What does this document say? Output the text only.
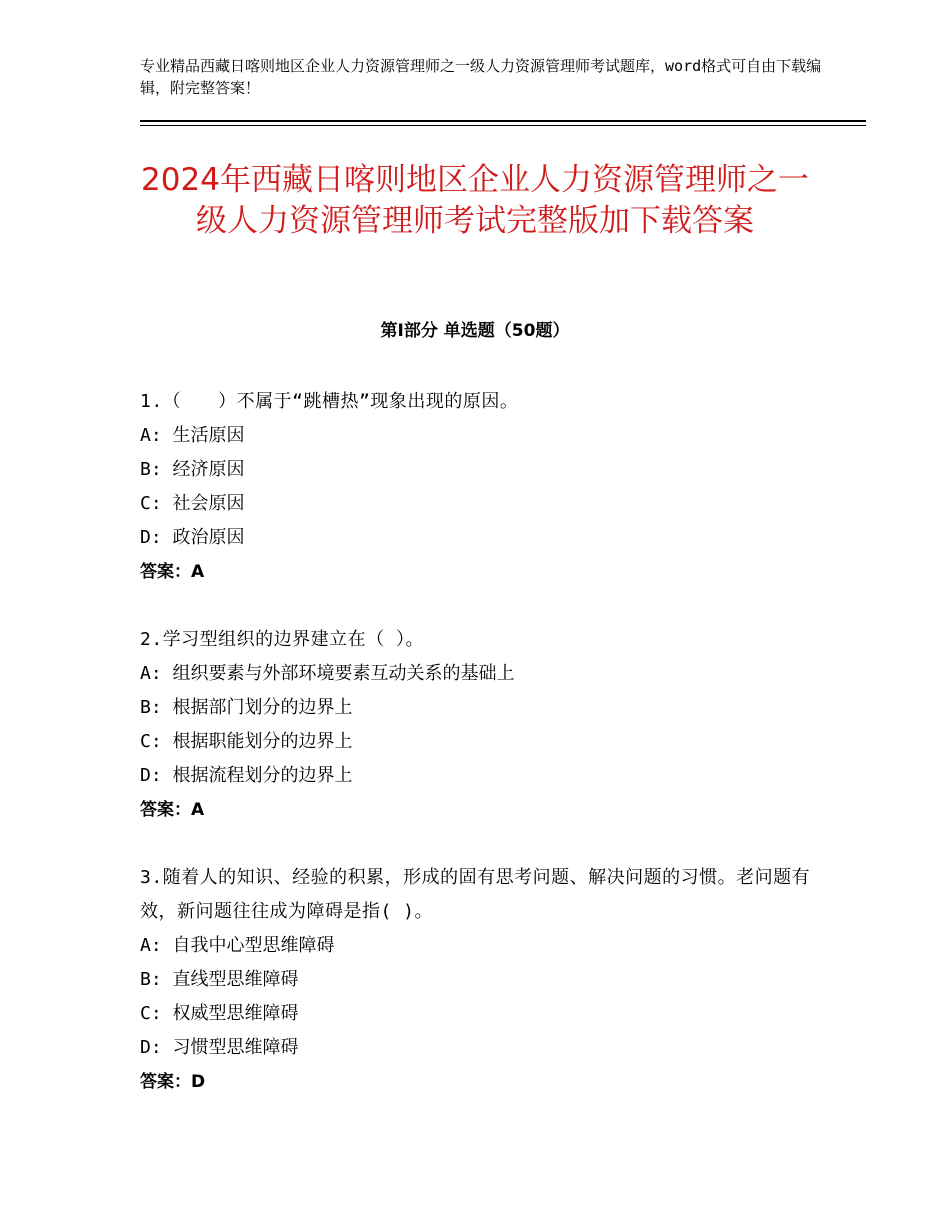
专业精品西藏日喀则地区企业人力资源管理师之一级人力资源管理师考试题库，word格式可自由下载编辑，附完整答案！
2024年西藏日喀则地区企业人力资源管理师之一级人力资源管理师考试完整版加下载答案
第Ⅰ部分 单选题（50题）
1.（　　）不属于“跳槽热”现象出现的原因。
A: 生活原因
B: 经济原因
C: 社会原因
D: 政治原因
答案：A
2.学习型组织的边界建立在（ ）。
A: 组织要素与外部环境要素互动关系的基础上
B: 根据部门划分的边界上
C: 根据职能划分的边界上
D: 根据流程划分的边界上
答案：A
3.随着人的知识、经验的积累，形成的固有思考问题、解决问题的习惯。老问题有效，新问题往往成为障碍是指( )。
A: 自我中心型思维障碍
B: 直线型思维障碍
C: 权威型思维障碍
D: 习惯型思维障碍
答案：D
